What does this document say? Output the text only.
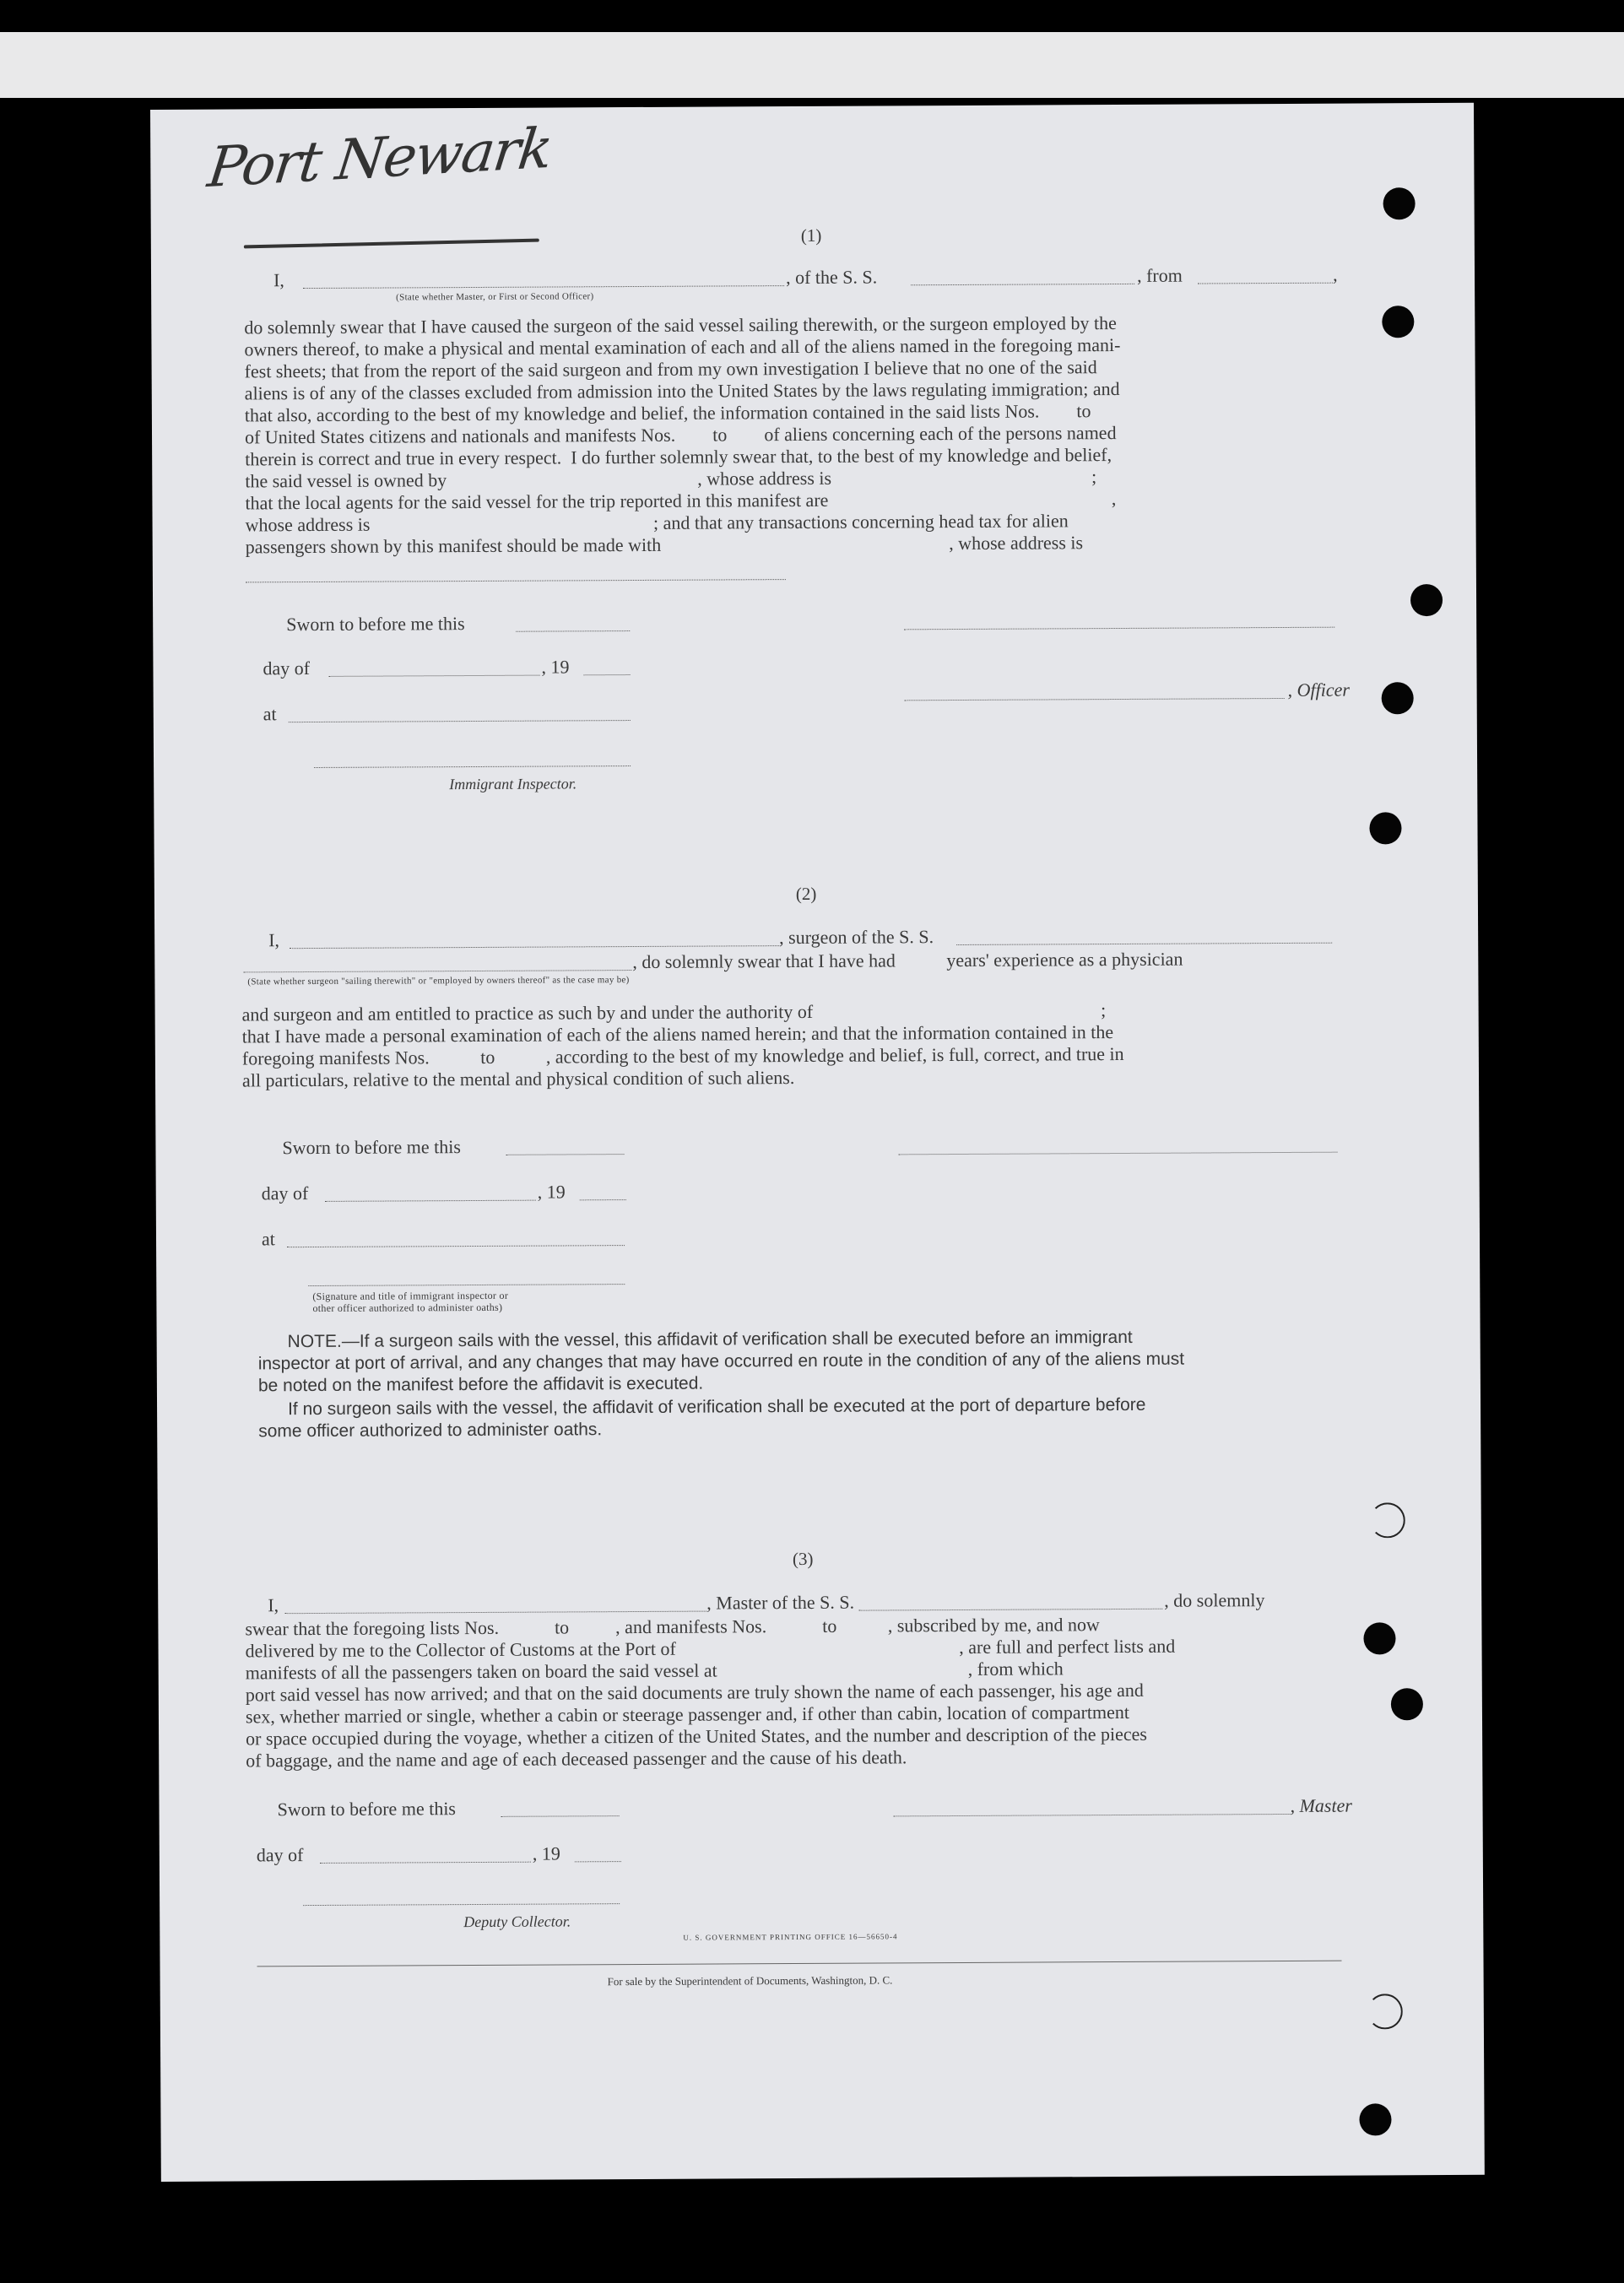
Port Newark
(1)
I,
(State whether Master, or First or Second Officer)
, of the S. S.	, from	,
do solemnly swear that I have caused the surgeon of the said vessel sailing therewith, or the surgeon employed by the
owners thereof, to make a physical and mental examination of each and all of the aliens named in the foregoing mani-
fest sheets; that from the report of the said surgeon and from my own investigation I believe that no one of the said
aliens is of any of the classes excluded from admission into the United States by the laws regulating immigration; and
that also, according to the best of my knowledge and belief, the information contained in the said lists Nos.        to
of United States citizens and nationals and manifests Nos.        to        of aliens concerning each of the persons named
therein is correct and true in every respect.  I do further solemnly swear that, to the best of my knowledge and belief,
the said vessel is owned by                                                      , whose address is                                                        ;
that the local agents for the said vessel for the trip reported in this manifest are                                                             ,
whose address is                                                             ; and that any transactions concerning head tax for alien
passengers shown by this manifest should be made with                                                              , whose address is
Sworn to before me this
day of	, 19
, Officer
at
Immigrant Inspector.
(2)
I,	, surgeon of the S. S.
, do solemnly swear that I have had           years' experience as a physician
(State whether surgeon "sailing therewith" or "employed by owners thereof" as the case may be)
and surgeon and am entitled to practice as such by and under the authority of                                                              ;
that I have made a personal examination of each of the aliens named herein; and that the information contained in the
foregoing manifests Nos.           to           , according to the best of my knowledge and belief, is full, correct, and true in
all particulars, relative to the mental and physical condition of such aliens.
Sworn to before me this
day of	, 19
at
(Signature and title of immigrant inspector or
other officer authorized to administer oaths)
NOTE.—If a surgeon sails with the vessel, this affidavit of verification shall be executed before an immigrant
inspector at port of arrival, and any changes that may have occurred en route in the condition of any of the aliens must
be noted on the manifest before the affidavit is executed.
If no surgeon sails with the vessel, the affidavit of verification shall be executed at the port of departure before
some officer authorized to administer oaths.
(3)
I,	, Master of the S. S.	, do solemnly
swear that the foregoing lists Nos.            to          , and manifests Nos.            to           , subscribed by me, and now
delivered by me to the Collector of Customs at the Port of                                                             , are full and perfect lists and
manifests of all the passengers taken on board the said vessel at                                                      , from which
port said vessel has now arrived; and that on the said documents are truly shown the name of each passenger, his age and
sex, whether married or single, whether a cabin or steerage passenger and, if other than cabin, location of compartment
or space occupied during the voyage, whether a citizen of the United States, and the number and description of the pieces
of baggage, and the name and age of each deceased passenger and the cause of his death.
Sworn to before me this	, Master
day of	, 19
Deputy Collector.
U. S. GOVERNMENT PRINTING OFFICE 16—56650-4
For sale by the Superintendent of Documents, Washington, D. C.
